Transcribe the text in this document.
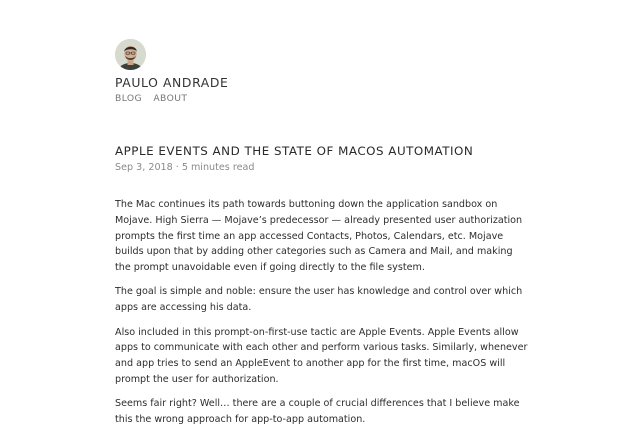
PAULO ANDRADE
BLOG ABOUT
APPLE EVENTS AND THE STATE OF MACOS AUTOMATION
Sep 3, 2018 · 5 minutes read

The Mac continues its path towards buttoning down the application sandbox on Mojave. High Sierra — Mojave’s predecessor — already presented user authorization prompts the first time an app accessed Contacts, Photos, Calendars, etc. Mojave builds upon that by adding other categories such as Camera and Mail, and making the prompt unavoidable even if going directly to the file system.

The goal is simple and noble: ensure the user has knowledge and control over which apps are accessing his data.

Also included in this prompt-on-first-use tactic are Apple Events. Apple Events allow apps to communicate with each other and perform various tasks. Similarly, whenever and app tries to send an AppleEvent to another app for the first time, macOS will prompt the user for authorization.

Seems fair right? Well… there are a couple of crucial differences that I believe make this the wrong approach for app-to-app automation.
